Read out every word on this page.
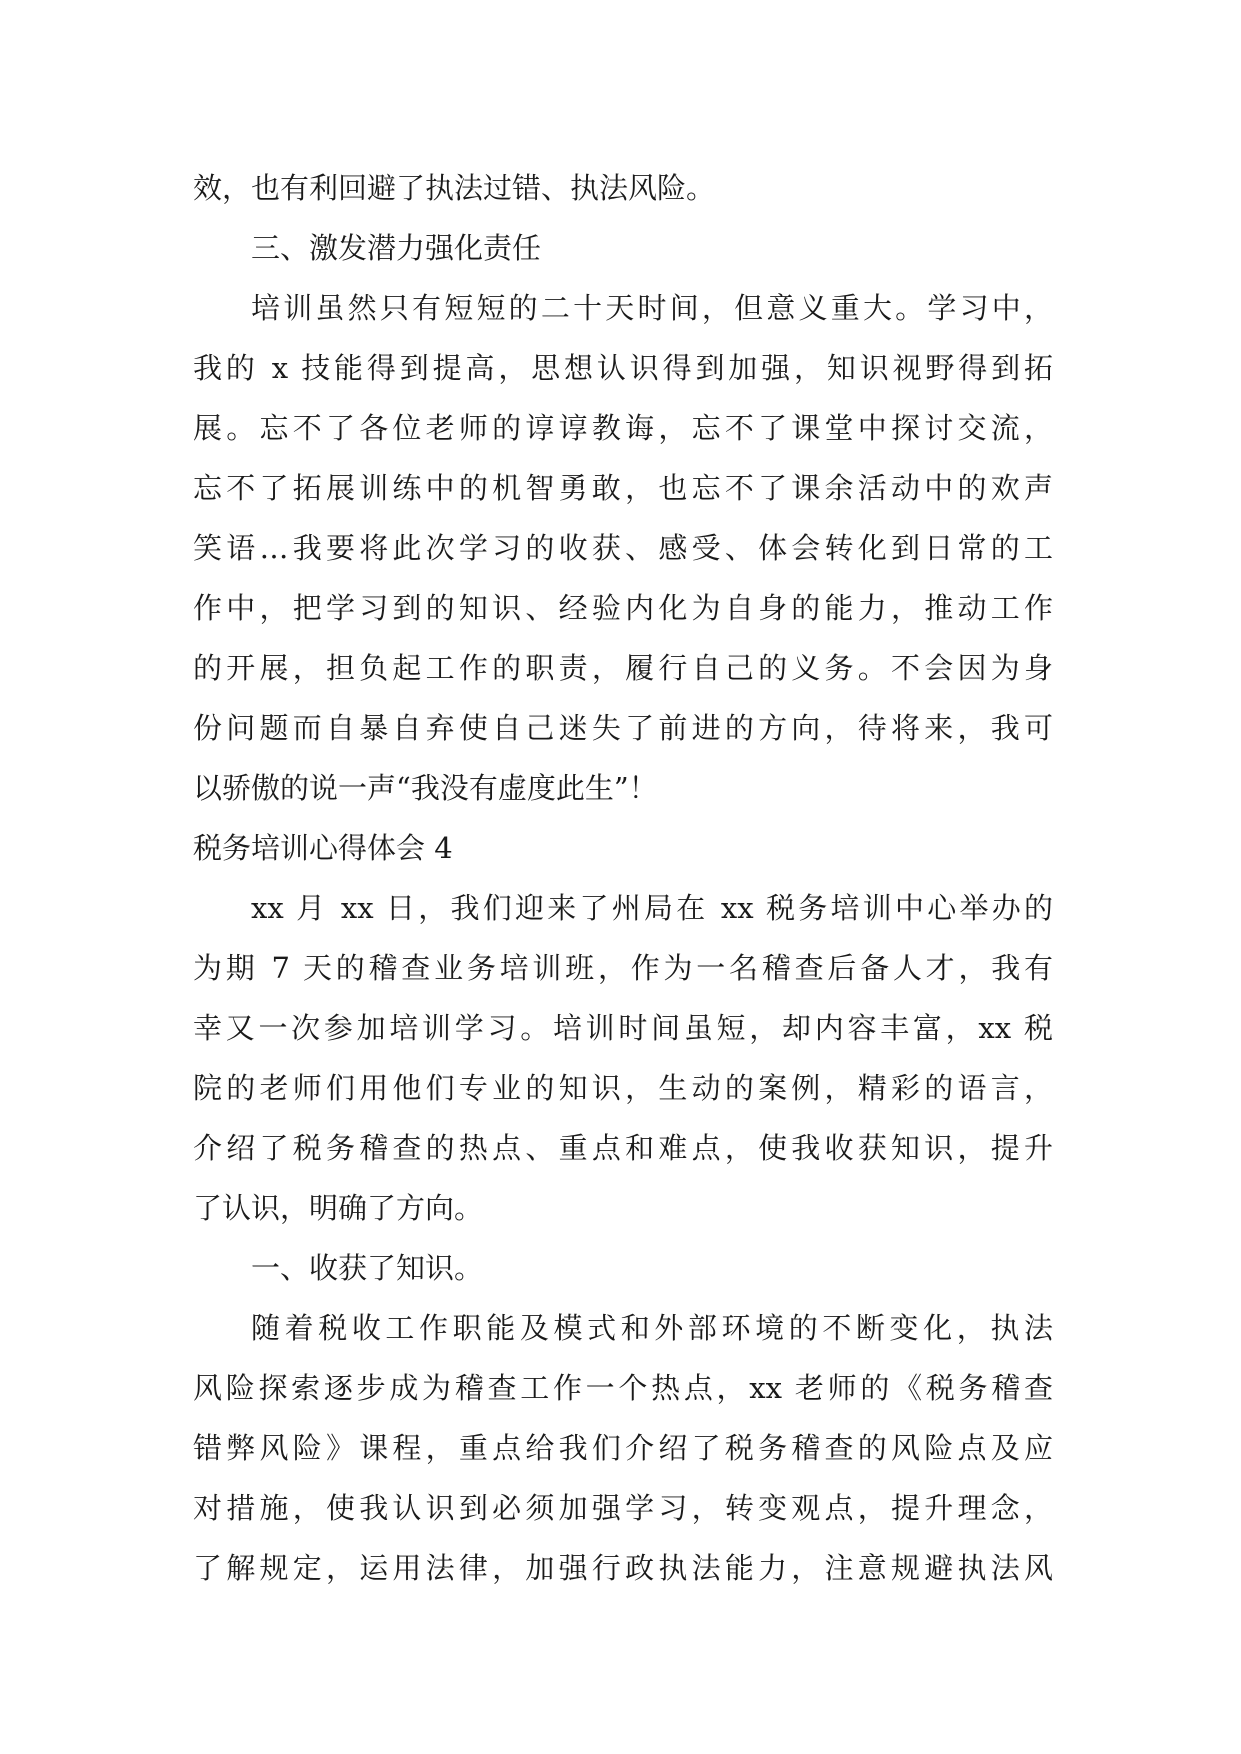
效，也有利回避了执法过错、执法风险。
三、激发潜力强化责任
培训虽然只有短短的二十天时间，但意义重大。学习中，
我的 x 技能得到提高，思想认识得到加强，知识视野得到拓
展。忘不了各位老师的谆谆教诲，忘不了课堂中探讨交流，
忘不了拓展训练中的机智勇敢，也忘不了课余活动中的欢声
笑语…我要将此次学习的收获、感受、体会转化到日常的工
作中，把学习到的知识、经验内化为自身的能力，推动工作
的开展，担负起工作的职责，履行自己的义务。不会因为身
份问题而自暴自弃使自己迷失了前进的方向，待将来，我可
以骄傲的说一声“我没有虚度此生”！
税务培训心得体会 4
xx 月 xx 日，我们迎来了州局在 xx 税务培训中心举办的
为期 7 天的稽查业务培训班，作为一名稽查后备人才，我有
幸又一次参加培训学习。培训时间虽短，却内容丰富，xx 税
院的老师们用他们专业的知识，生动的案例，精彩的语言，
介绍了税务稽查的热点、重点和难点，使我收获知识，提升
了认识，明确了方向。
一、收获了知识。
随着税收工作职能及模式和外部环境的不断变化，执法
风险探索逐步成为稽查工作一个热点，xx 老师的《税务稽查
错弊风险》课程，重点给我们介绍了税务稽查的风险点及应
对措施，使我认识到必须加强学习，转变观点，提升理念，
了解规定，运用法律，加强行政执法能力，注意规避执法风
